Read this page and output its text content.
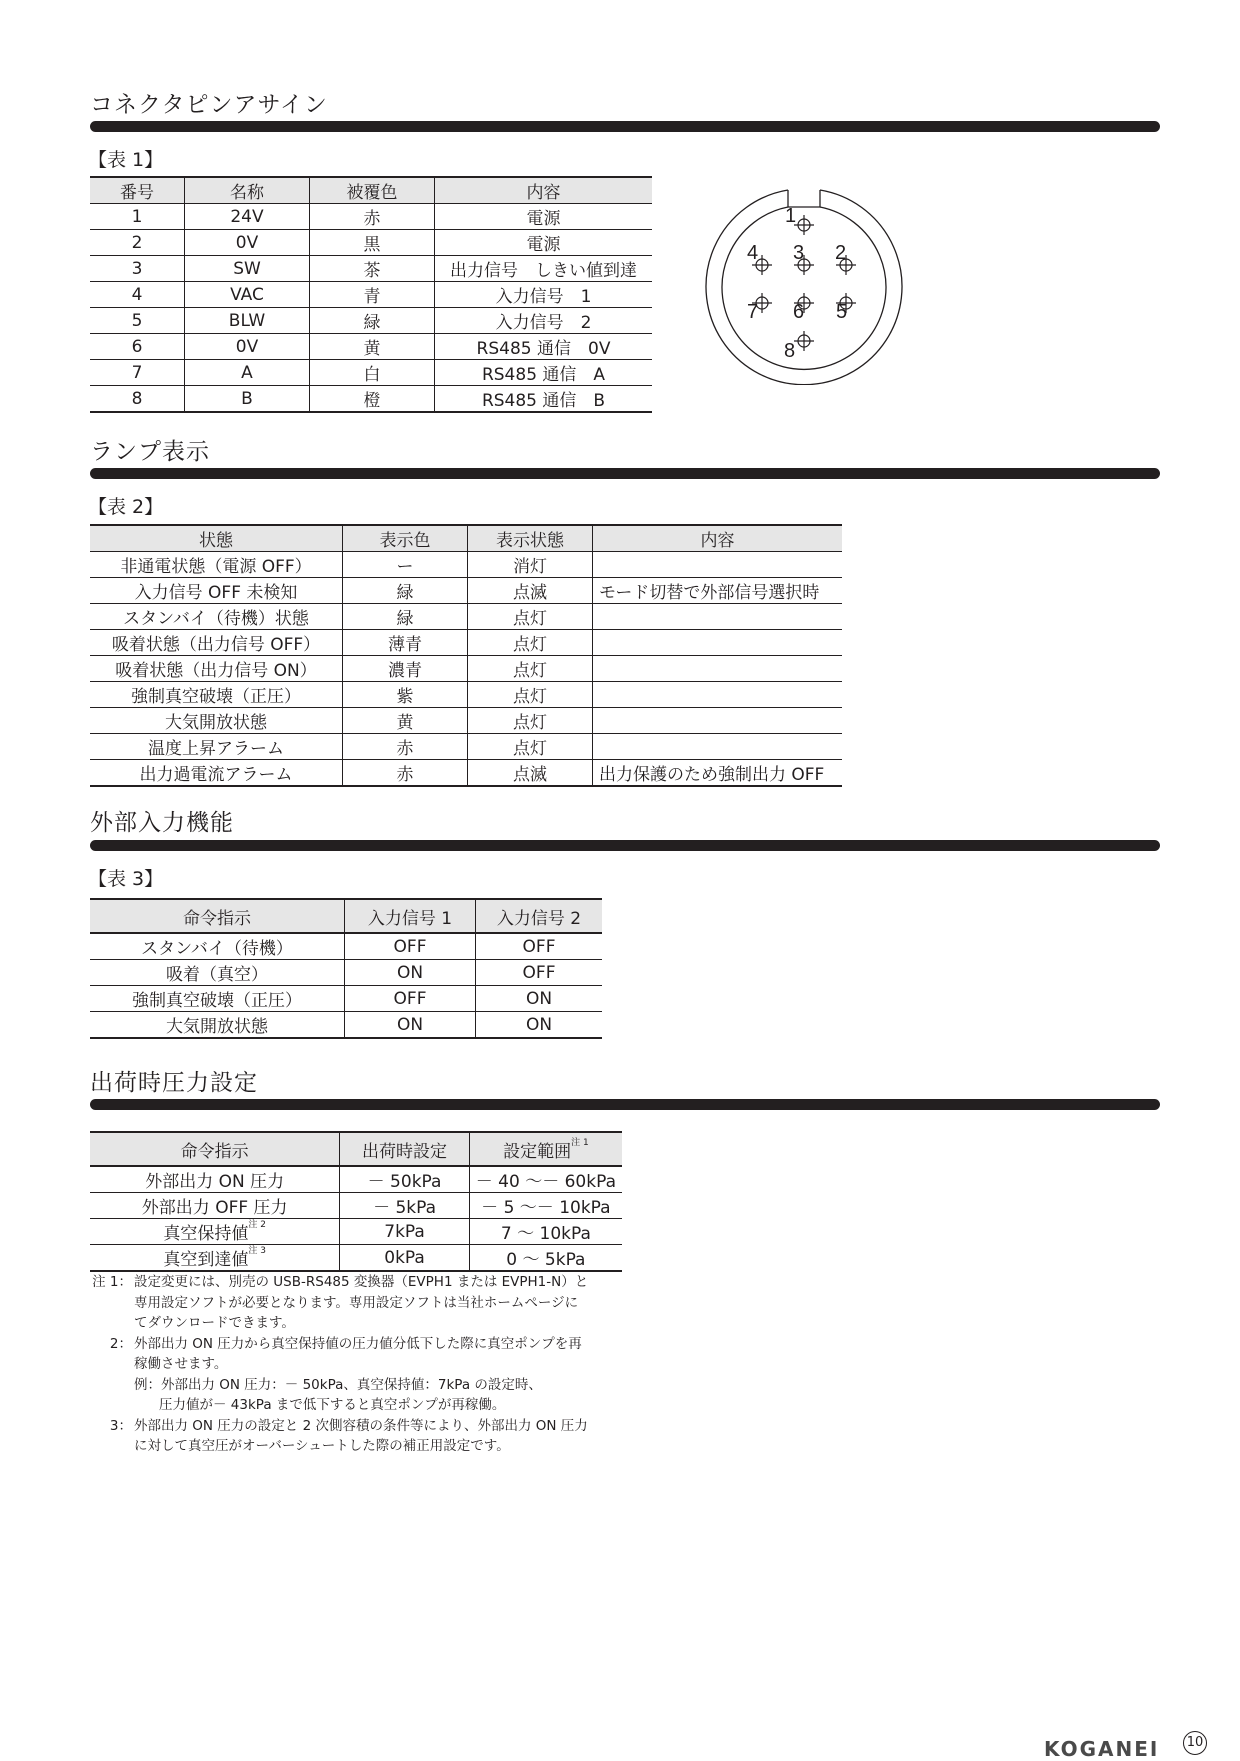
コネクタピンアサイン
【表 1】
番号	名称	被覆色	内容
1	24V	赤	電源
2	0V	黒	電源
3	SW	茶	出力信号　しきい値到達
4	VAC	青	入力信号　1
5	BLW	緑	入力信号　2
6	0V	黄	RS485 通信　0V
7	A	白	RS485 通信　A
8	B	橙	RS485 通信　B
1
2
3
4
5
6
7
8
ランプ表示
【表 2】
状態	表示色	表示状態	内容
非通電状態（電源 OFF）	ー	消灯	
入力信号 OFF 未検知	緑	点滅	モード切替で外部信号選択時
スタンバイ（待機）状態	緑	点灯	
吸着状態（出力信号 OFF）	薄青	点灯	
吸着状態（出力信号 ON）	濃青	点灯	
強制真空破壊（正圧）	紫	点灯	
大気開放状態	黄	点灯	
温度上昇アラーム	赤	点灯	
出力過電流アラーム	赤	点滅	出力保護のため強制出力 OFF
外部入力機能
【表 3】
命令指示	入力信号 1	入力信号 2
スタンバイ（待機）	OFF	OFF
吸着（真空）	ON	OFF
強制真空破壊（正圧）	OFF	ON
大気開放状態	ON	ON
出荷時圧力設定
命令指示	出荷時設定	設定範囲$^{注 1}$
外部出力 ON 圧力	－ 50kPa	－ 40 ～－ 60kPa
外部出力 OFF 圧力	－ 5kPa	－ 5 ～－ 10kPa
真空保持値$^{注 2}$	7kPa	7 ～ 10kPa
真空到達値$^{注 3}$	0kPa	0 ～ 5kPa
注 1： 設定変更には、別売の USB-RS485 変換器（EVPH1 または EVPH1-N）と
専用設定ソフトが必要となります。専用設定ソフトは当社ホームページに
てダウンロードできます。
2： 外部出力 ON 圧力から真空保持値の圧力値分低下した際に真空ポンプを再
稼働させます。
例：外部出力 ON 圧力：－ 50kPa、真空保持値：7kPa の設定時、
圧力値が－ 43kPa まで低下すると真空ポンプが再稼働。
3： 外部出力 ON 圧力の設定と 2 次側容積の条件等により、外部出力 ON 圧力
に対して真空圧がオーバーシュートした際の補正用設定です。
KOGANEI 10
